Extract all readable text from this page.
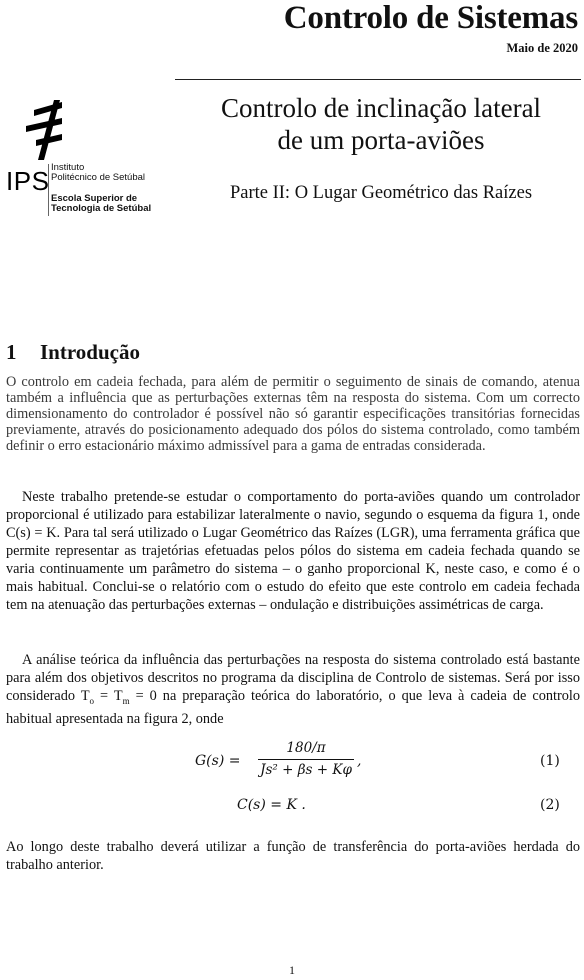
Controlo de Sistemas
Maio de 2020
IPS Instituto
Politécnico de Setúbal
Escola Superior de
Tecnologia de Setúbal
Controlo de inclinação lateral
de um porta-aviões
Parte II: O Lugar Geométrico das Raízes
1 Introdução
O controlo em cadeia fechada, para além de permitir o seguimento de sinais de comando, atenua também a influência que as perturbações externas têm na resposta do sistema. Com um correcto dimensionamento do controlador é possível não só garantir especificações transitórias fornecidas previamente, através do posicionamento adequado dos pólos do sistema controlado, como também definir o erro estacionário máximo admissível para a gama de entradas considerada.
Neste trabalho pretende-se estudar o comportamento do porta-aviões quando um controlador proporcional é utilizado para estabilizar lateralmente o navio, segundo o esquema da figura 1, onde C(s) = K. Para tal será utilizado o Lugar Geométrico das Raízes (LGR), uma ferramenta gráfica que permite representar as trajetórias efetuadas pelos pólos do sistema em cadeia fechada quando se varia continuamente um parâmetro do sistema – o ganho proporcional K, neste caso, e como é o mais habitual. Conclui-se o relatório com o estudo do efeito que este controlo em cadeia fechada tem na atenuação das perturbações externas – ondulação e distribuições assimétricas de carga.
A análise teórica da influência das perturbações na resposta do sistema controlado está bastante para além dos objetivos descritos no programa da disciplina de Controlo de sistemas. Será por isso considerado $T_o = T_m = 0$ na preparação teórica do laboratório, o que leva à cadeia de controlo habitual apresentada na figura 2, onde
G(s) =
180/π
Js² + βs + Kφ
,	(1)
C(s) = K .	(2)
Ao longo deste trabalho deverá utilizar a função de transferência do porta-aviões herdada do trabalho anterior.
1
